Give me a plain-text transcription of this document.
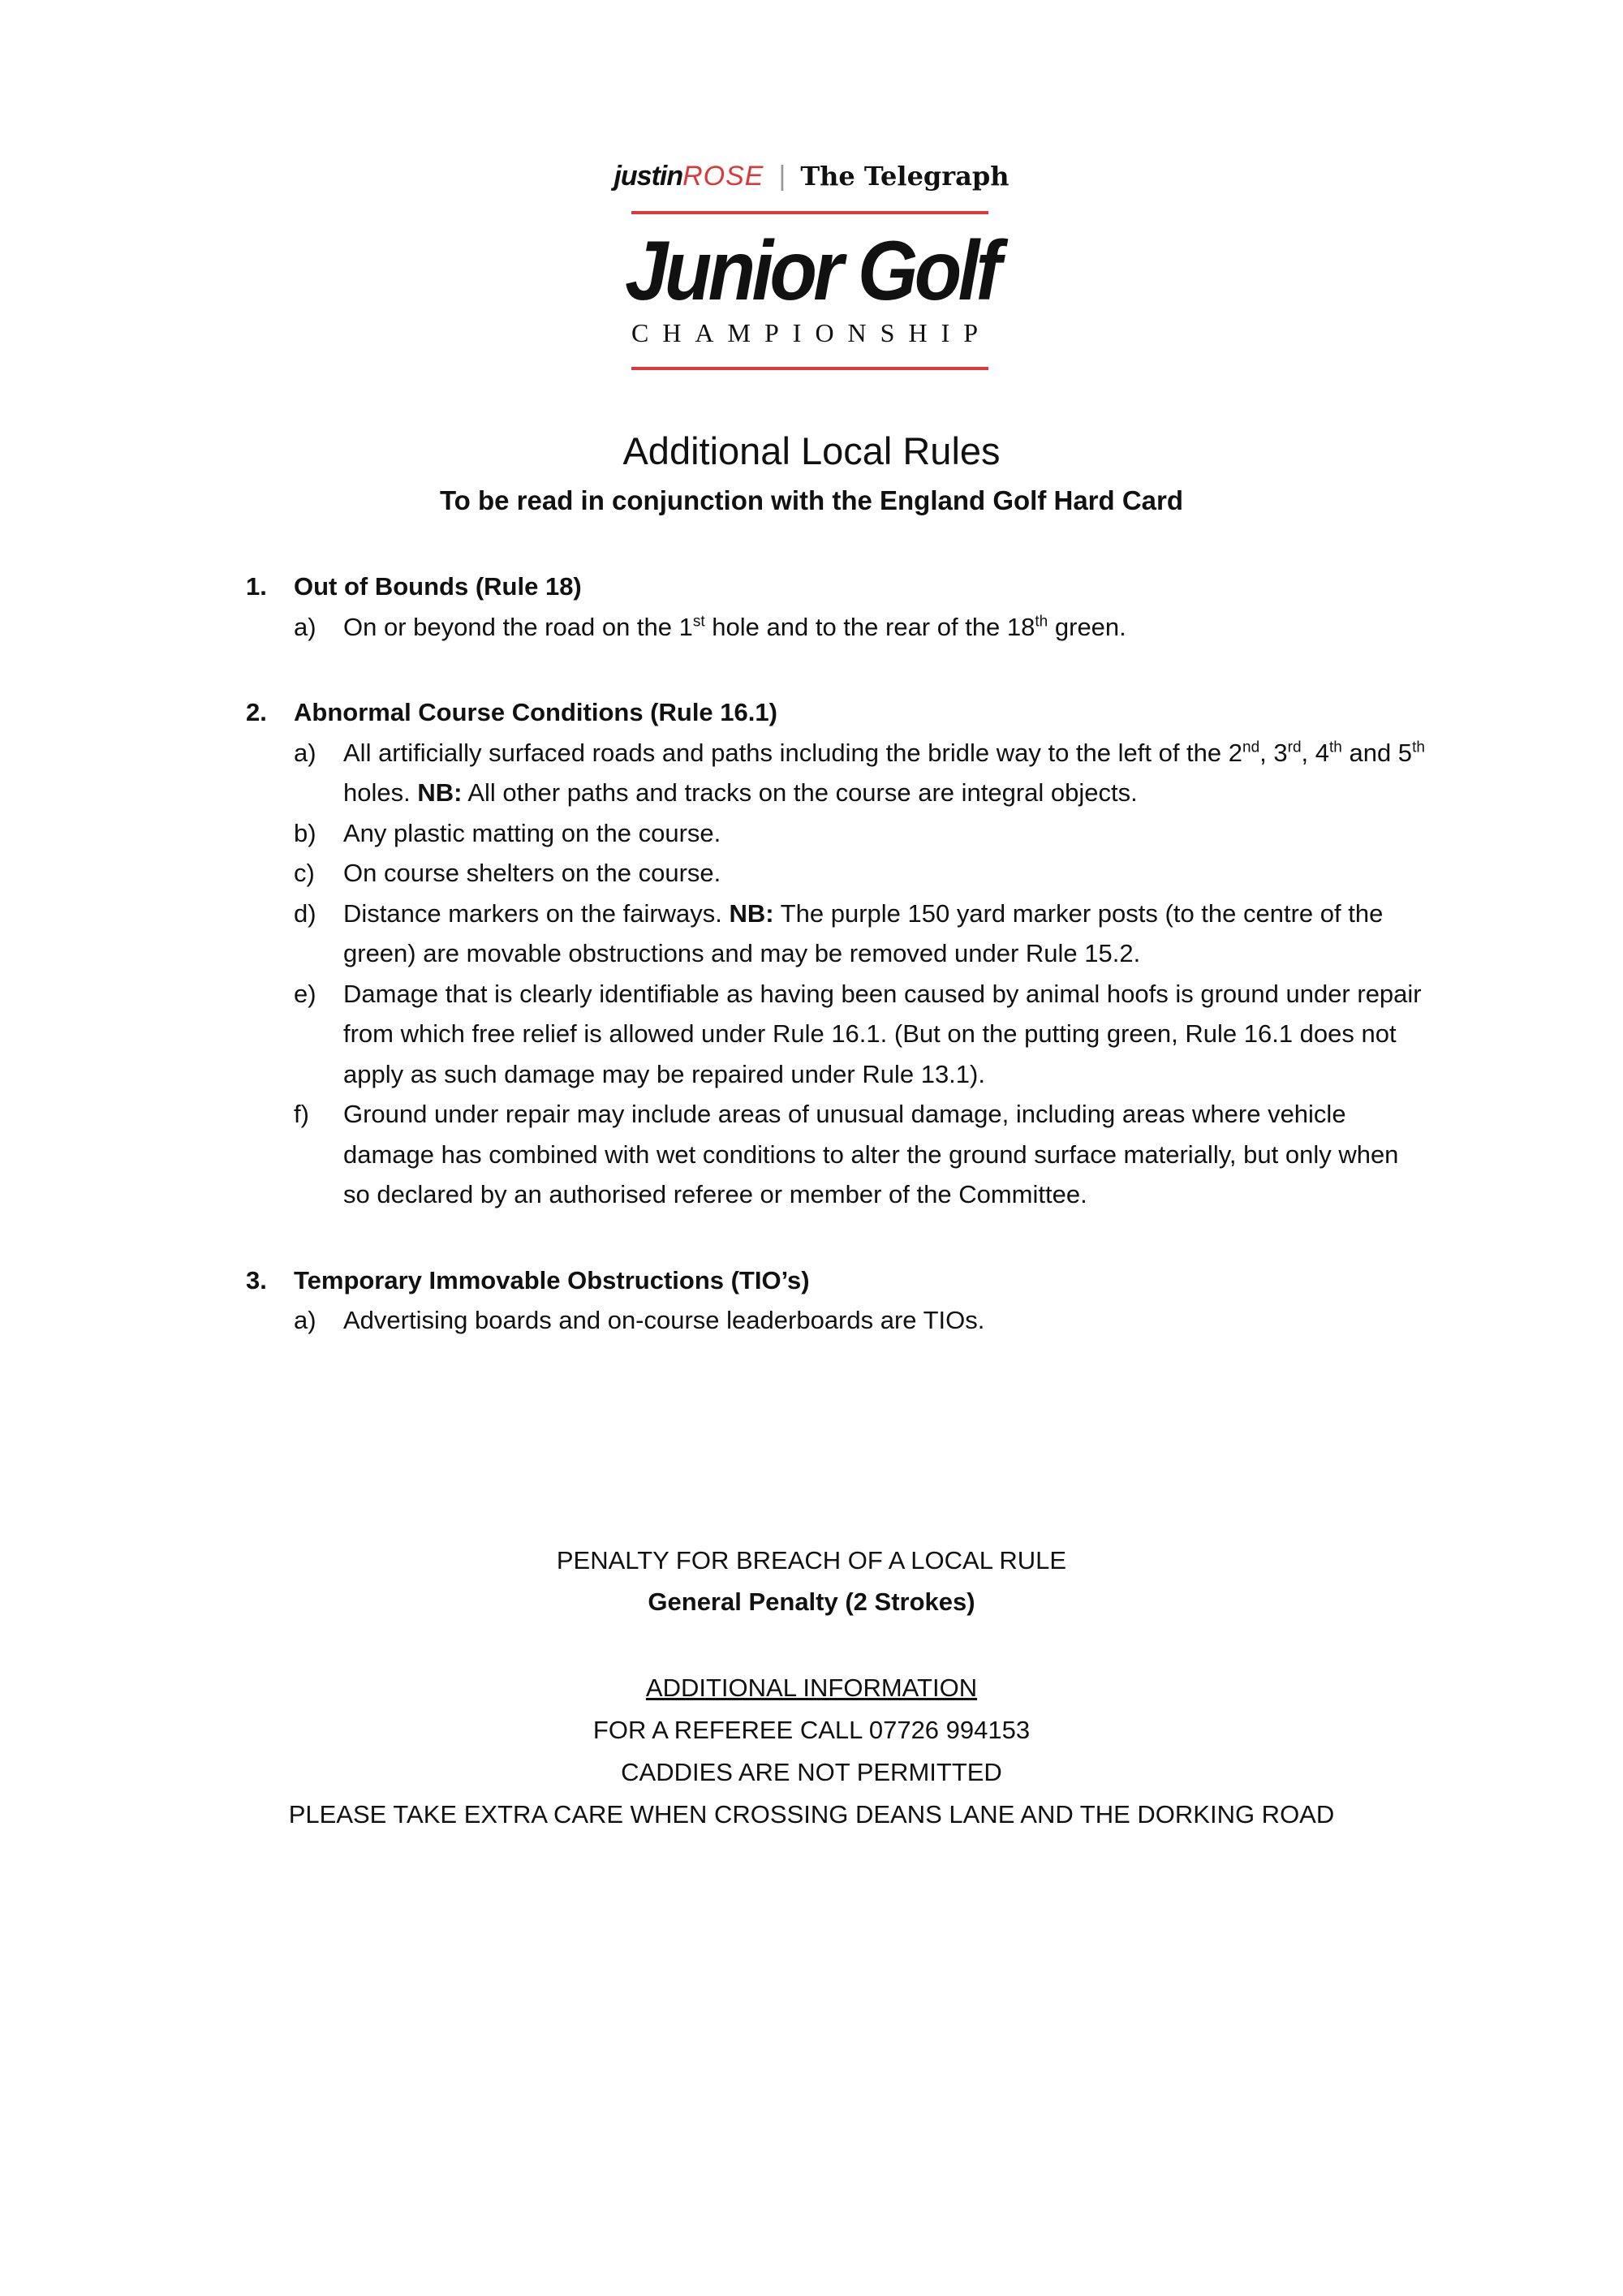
justinROSE | The Telegraph
Junior Golf
CHAMPIONSHIP
Additional Local Rules
To be read in conjunction with the England Golf Hard Card
1.	Out of Bounds (Rule 18)
a)	On or beyond the road on the 1st hole and to the rear of the 18th green.
2.	Abnormal Course Conditions (Rule 16.1)
a)	All artificially surfaced roads and paths including the bridle way to the left of the 2nd, 3rd, 4th and 5th holes. NB: All other paths and tracks on the course are integral objects.
b)	Any plastic matting on the course.
c)	On course shelters on the course.
d)	Distance markers on the fairways. NB: The purple 150 yard marker posts (to the centre of the green) are movable obstructions and may be removed under Rule 15.2.
e)	Damage that is clearly identifiable as having been caused by animal hoofs is ground under repair from which free relief is allowed under Rule 16.1. (But on the putting green, Rule 16.1 does not apply as such damage may be repaired under Rule 13.1).
f)	Ground under repair may include areas of unusual damage, including areas where vehicle damage has combined with wet conditions to alter the ground surface materially, but only when so declared by an authorised referee or member of the Committee.
3.	Temporary Immovable Obstructions (TIO’s)
a)	Advertising boards and on-course leaderboards are TIOs.
PENALTY FOR BREACH OF A LOCAL RULE
General Penalty (2 Strokes)
ADDITIONAL INFORMATION
FOR A REFEREE CALL 07726 994153
CADDIES ARE NOT PERMITTED
PLEASE TAKE EXTRA CARE WHEN CROSSING DEANS LANE AND THE DORKING ROAD
